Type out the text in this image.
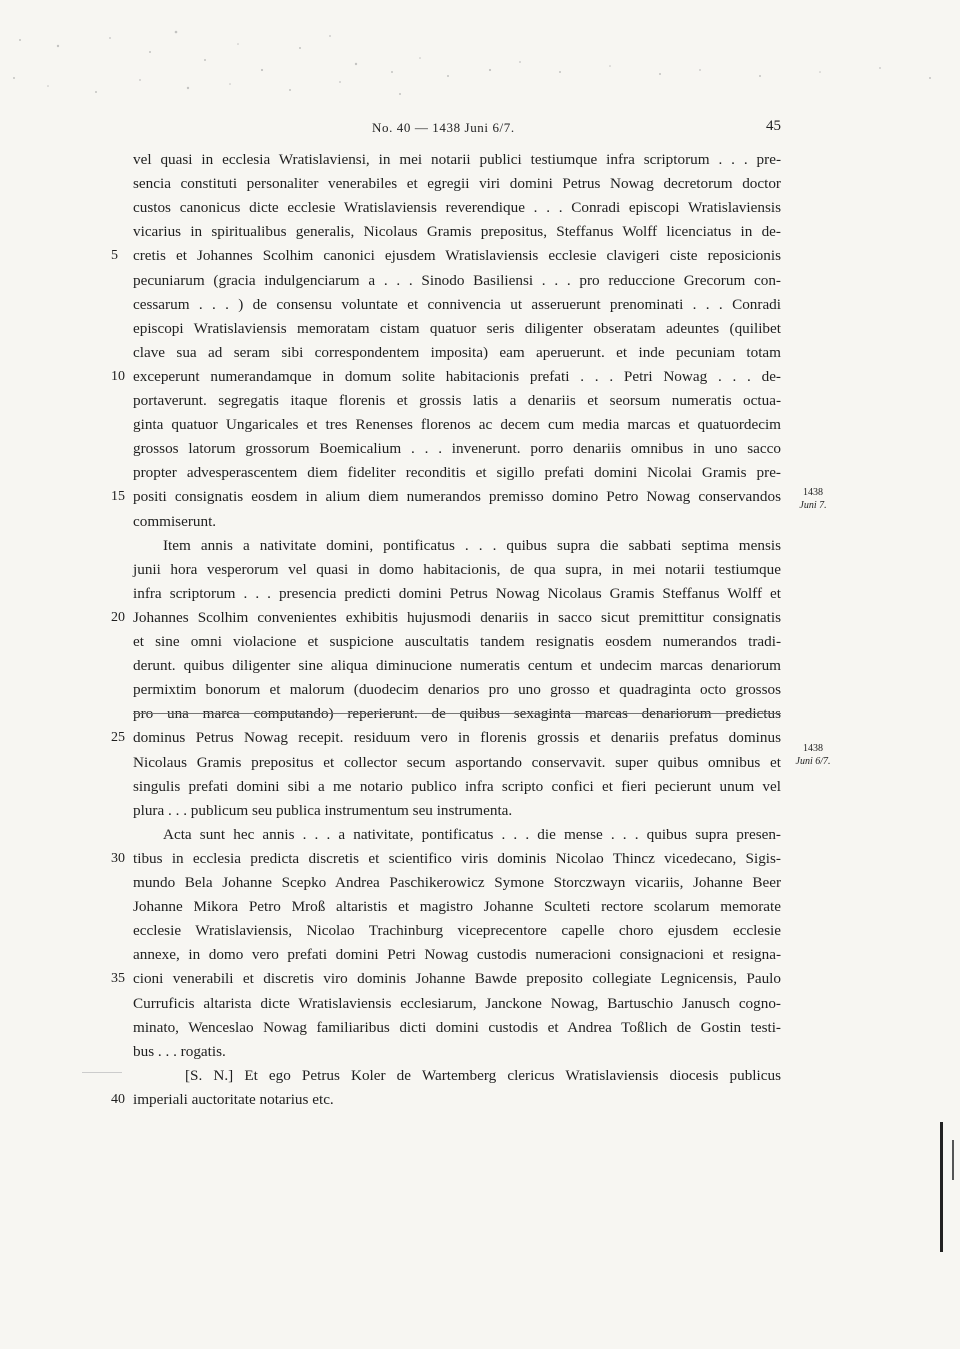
No. 40 — 1438 Juni 6/7.	45
vel quasi in ecclesia Wratislaviensi, in mei notarii publici testiumque infra scriptorum . . . pre-
sencia constituti personaliter venerabiles et egregii viri domini Petrus Nowag decretorum doctor
custos canonicus dicte ecclesie Wratislaviensis reverendique . . . Conradi episcopi Wratislaviensis
vicarius in spiritualibus generalis, Nicolaus Gramis prepositus, Steffanus Wolff licenciatus in de-
cretis et Johannes Scolhim canonici ejusdem Wratislaviensis ecclesie clavigeri ciste reposicionis
5
pecuniarum (gracia indulgenciarum a . . . Sinodo Basiliensi . . . pro reduccione Grecorum con-
cessarum . . . ) de consensu voluntate et connivencia ut asseruerunt prenominati . . . Conradi
episcopi Wratislaviensis memoratam cistam quatuor seris diligenter obseratam adeuntes (quilibet
clave sua ad seram sibi correspondentem imposita) eam aperuerunt. et inde pecuniam totam
exceperunt numerandamque in domum solite habitacionis prefati . . . Petri Nowag . . . de-
10
portaverunt. segregatis itaque florenis et grossis latis a denariis et seorsum numeratis octua-
ginta quatuor Ungaricales et tres Renenses florenos ac decem cum media marcas et quatuordecim
grossos latorum grossorum Boemicalium . . . invenerunt. porro denariis omnibus in uno sacco
propter advesperascentem diem fideliter reconditis et sigillo prefati domini Nicolai Gramis pre-
positi consignatis eosdem in alium diem numerandos premisso domino Petro Nowag conservandos
15
commiserunt.
Item annis a nativitate domini, pontificatus . . . quibus supra die sabbati septima mensis
junii hora vesperorum vel quasi in domo habitacionis, de qua supra, in mei notarii testiumque
infra scriptorum . . . presencia predicti domini Petrus Nowag Nicolaus Gramis Steffanus Wolff et
Johannes Scolhim convenientes exhibitis hujusmodi denariis in sacco sicut premittitur consignatis
20
et sine omni violacione et suspicione auscultatis tandem resignatis eosdem numerandos tradi-
derunt. quibus diligenter sine aliqua diminucione numeratis centum et undecim marcas denariorum
permixtim bonorum et malorum (duodecim denarios pro uno grosso et quadraginta octo grossos
pro una marca computando) reperierunt. de quibus sexaginta marcas denariorum predictus
dominus Petrus Nowag recepit. residuum vero in florenis grossis et denariis prefatus dominus
25
Nicolaus Gramis prepositus et collector secum asportando conservavit. super quibus omnibus et
singulis prefati domini sibi a me notario publico infra scripto confici et fieri pecierunt unum vel
plura . . . publicum seu publica instrumentum seu instrumenta.
Acta sunt hec annis . . . a nativitate, pontificatus . . . die mense . . . quibus supra presen-
tibus in ecclesia predicta discretis et scientifico viris dominis Nicolao Thincz vicedecano, Sigis-
30
mundo Bela Johanne Scepko Andrea Paschikerowicz Symone Storczwayn vicariis, Johanne Beer
Johanne Mikora Petro Mroß altaristis et magistro Johanne Sculteti rectore scolarum memorate
ecclesie Wratislaviensis, Nicolao Trachinburg viceprecentore capelle choro ejusdem ecclesie
annexe, in domo vero prefati domini Petri Nowag custodis numeracioni consignacioni et resigna-
cioni venerabili et discretis viro dominis Johanne Bawde preposito collegiate Legnicensis, Paulo
35
Curruficis altarista dicte Wratislaviensis ecclesiarum, Janckone Nowag, Bartuschio Janusch cogno-
minato, Wenceslao Nowag familiaribus dicti domini custodis et Andrea Toßlich de Gostin testi-
bus . . . rogatis.
[S. N.] Et ego Petrus Koler de Wartemberg clericus Wratislaviensis diocesis publicus
imperiali auctoritate notarius etc.
40
1438
Juni 7.
1438
Juni 6/7.
